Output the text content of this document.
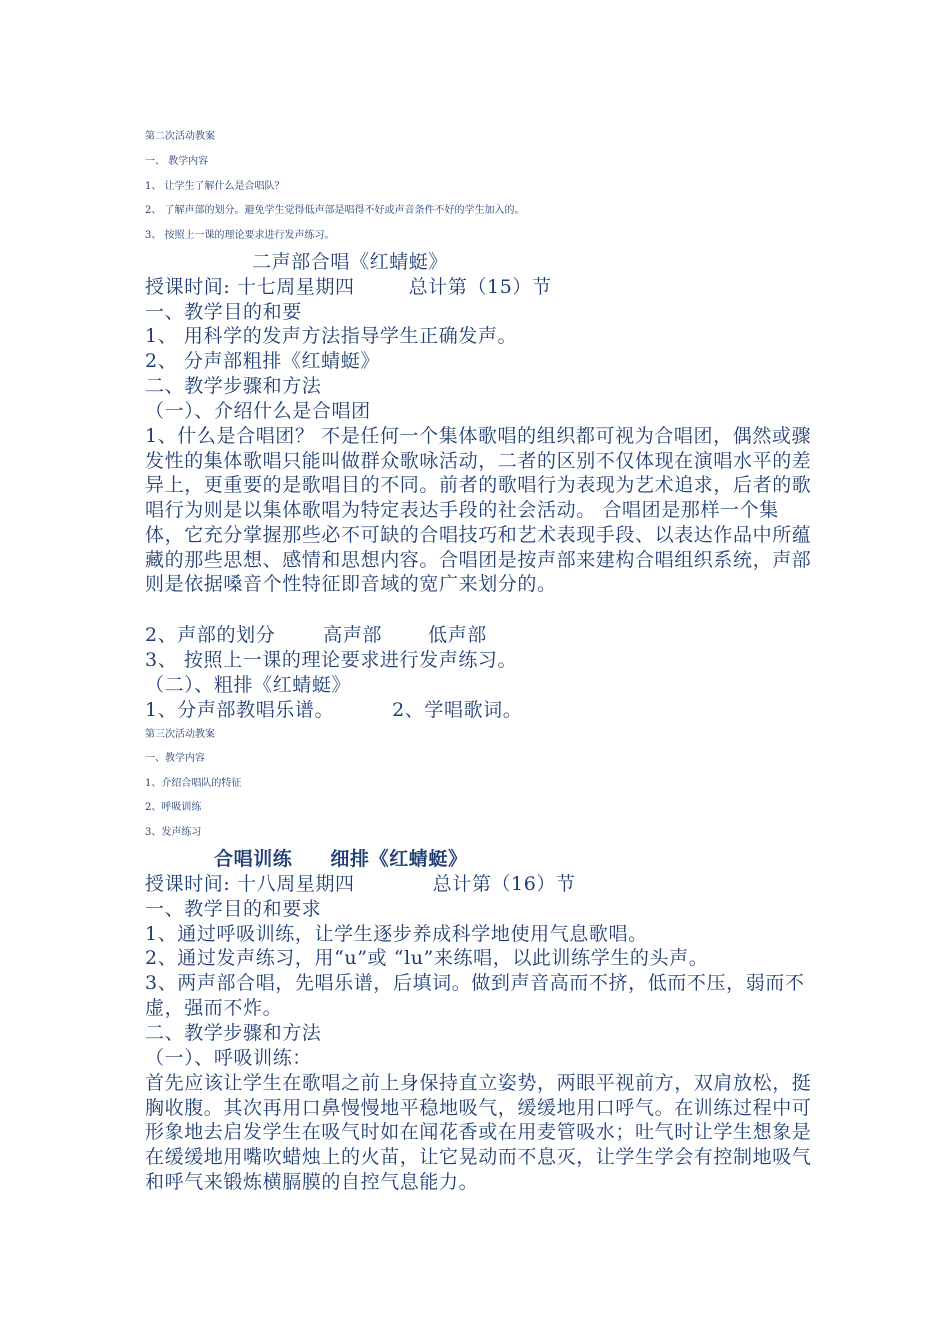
第二次活动教案
一、 教学内容
1、 让学生了解什么是合唱队？
2、 了解声部的划分。避免学生觉得低声部是唱得不好或声音条件不好的学生加入的。
3、 按照上一课的理论要求进行发声练习。
二声部合唱《红蜻蜓》
授课时间: 十七周星期四	总计第（15）节
一、教学目的和要
1、 用科学的发声方法指导学生正确发声。
2、 分声部粗排《红蜻蜓》
二、教学步骤和方法
（一）、介绍什么是合唱团
1、什么是合唱团？ 不是任何一个集体歌唱的组织都可视为合唱团，偶然或骤发性的集体歌唱只能叫做群众歌咏活动，二者的区别不仅体现在演唱水平的差异上，更重要的是歌唱目的不同。前者的歌唱行为表现为艺术追求，后者的歌唱行为则是以集体歌唱为特定表达手段的社会活动。 合唱团是那样一个集体，它充分掌握那些必不可缺的合唱技巧和艺术表现手段、以表达作品中所蕴藏的那些思想、感情和思想内容。合唱团是按声部来建构合唱组织系统，声部则是依据嗓音个性特征即音域的宽广来划分的。
2、声部的划分	高声部 低声部
3、 按照上一课的理论要求进行发声练习。
（二）、粗排《红蜻蜓》
1、分声部教唱乐谱。	2、学唱歌词。
第三次活动教案
一、教学内容
1、介绍合唱队的特征
2、呼吸训练
3、发声练习
合唱训练 细排《红蜻蜓》
授课时间: 十八周星期四	总计第（16）节
一、教学目的和要求
1、通过呼吸训练，让学生逐步养成科学地使用气息歌唱。
2、通过发声练习，用“u”或 “lu”来练唱，以此训练学生的头声。
3、两声部合唱，先唱乐谱，后填词。做到声音高而不挤，低而不压，弱而不虚，强而不炸。
二、教学步骤和方法
（一）、呼吸训练：
首先应该让学生在歌唱之前上身保持直立姿势，两眼平视前方，双肩放松，挺胸收腹。其次再用口鼻慢慢地平稳地吸气，缓缓地用口呼气。在训练过程中可形象地去启发学生在吸气时如在闻花香或在用麦管吸水；吐气时让学生想象是在缓缓地用嘴吹蜡烛上的火苗，让它晃动而不息灭，让学生学会有控制地吸气和呼气来锻炼横膈膜的自控气息能力。
